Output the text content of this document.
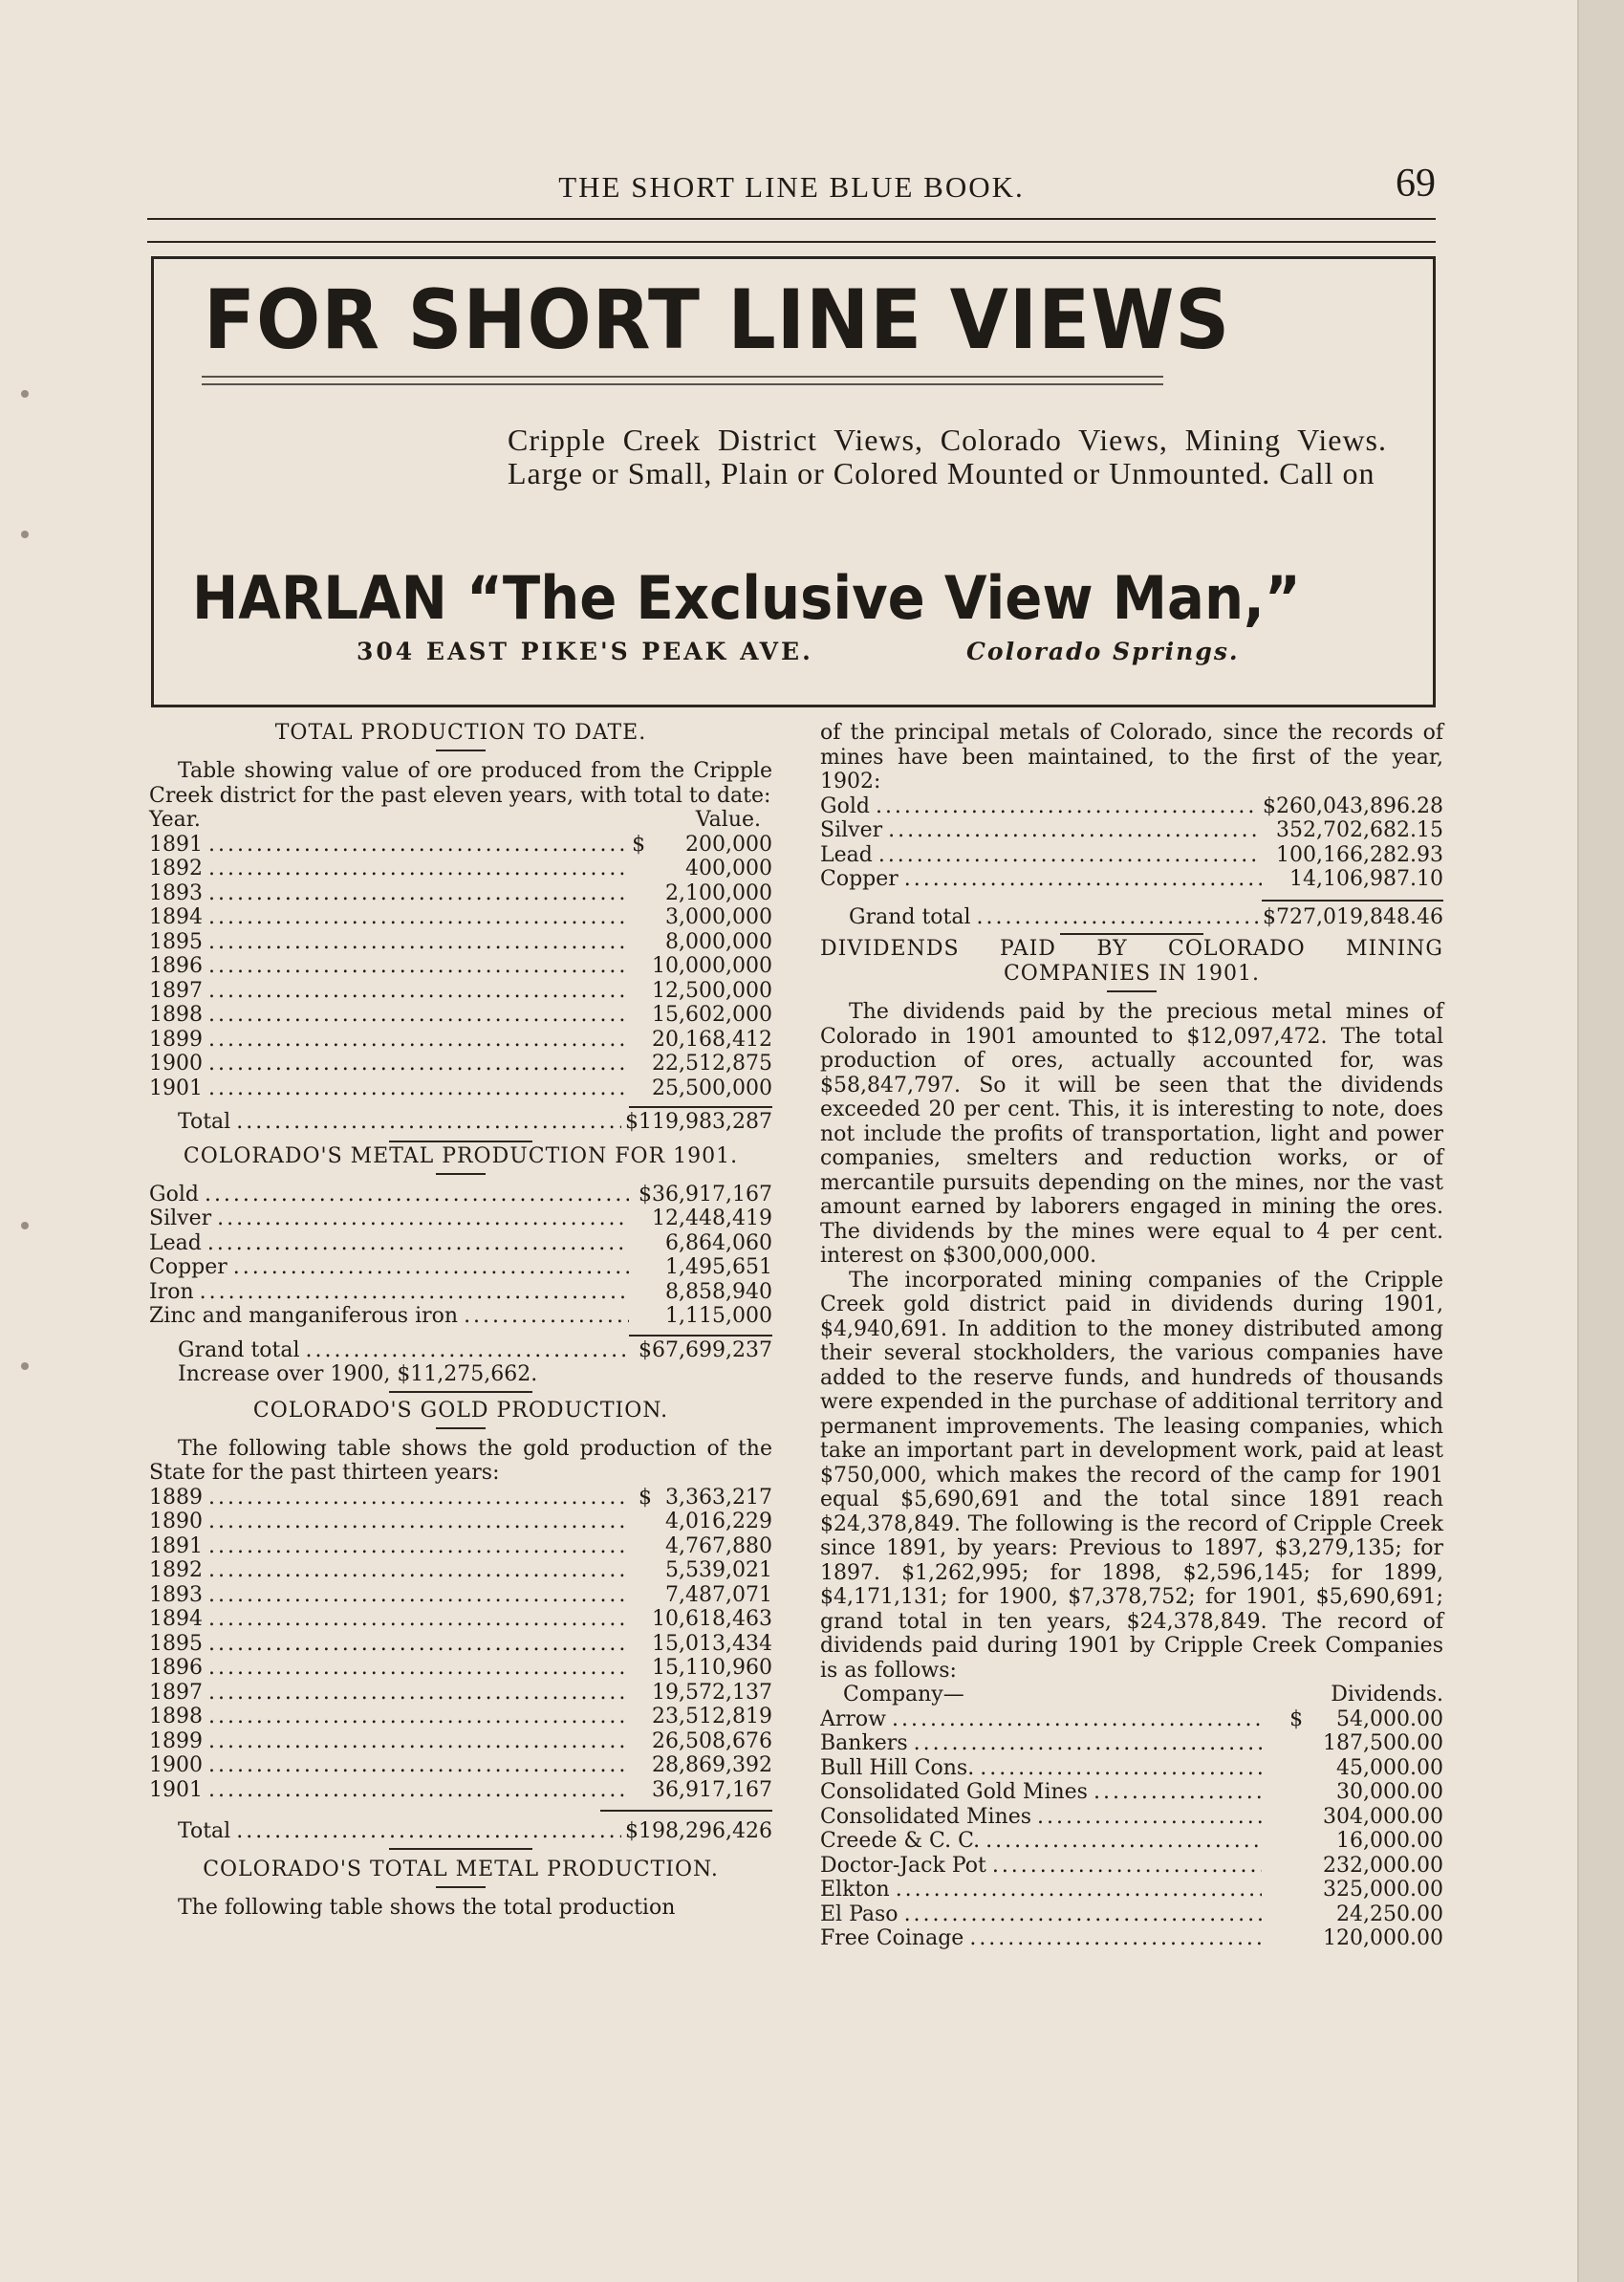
THE SHORT LINE BLUE BOOK.	69
FOR SHORT LINE VIEWS
Cripple Creek District Views, Colorado Views, Mining Views. Large or Small, Plain or Colored Mounted or Unmounted. Call on
HARLAN “The Exclusive View Man,”
304 EAST PIKE'S PEAK AVE.	Colorado Springs.
TOTAL PRODUCTION TO DATE.
Table showing value of ore produced from the Cripple Creek district for the past eleven years, with total to date:
Year.	Value.
1891 . . .	$      200,000
1892 . . .	400,000
1893 . . .	2,100,000
1894 . . .	3,000,000
1895 . . .	8,000,000
1896 . . .	10,000,000
1897 . . .	12,500,000
1898 . . .	15,602,000
1899 . . .	20,168,412
1900 . . .	22,512,875
1901 . . .	25,500,000
Total . . .	$119,983,287
COLORADO'S METAL PRODUCTION FOR 1901.
Gold . . .	$36,917,167
Silver . . .	12,448,419
Lead . . .	6,864,060
Copper . . .	1,495,651
Iron . . .	8,858,940
Zinc and manganiferous iron . . .	1,115,000
Grand total . . .	$67,699,237
Increase over 1900, $11,275,662.
COLORADO'S GOLD PRODUCTION.
The following table shows the gold production of the State for the past thirteen years:
1889 . . .	$  3,363,217
1890 . . .	4,016,229
1891 . . .	4,767,880
1892 . . .	5,539,021
1893 . . .	7,487,071
1894 . . .	10,618,463
1895 . . .	15,013,434
1896 . . .	15,110,960
1897 . . .	19,572,137
1898 . . .	23,512,819
1899 . . .	26,508,676
1900 . . .	28,869,392
1901 . . .	36,917,167
Total . . .	$198,296,426
COLORADO'S TOTAL METAL PRODUCTION.
The following table shows the total production
of the principal metals of Colorado, since the records of mines have been maintained, to the first of the year, 1902:
Gold . . .	$260,043,896.28
Silver . . .	352,702,682.15
Lead . . .	100,166,282.93
Copper . . .	14,106,987.10
Grand total . . .	$727,019,848.46
DIVIDENDS PAID BY COLORADO MINING COMPANIES IN 1901.
The dividends paid by the precious metal mines of Colorado in 1901 amounted to $12,097,472. The total production of ores, actually accounted for, was $58,847,797. So it will be seen that the dividends exceeded 20 per cent. This, it is interesting to note, does not include the profits of transportation, light and power companies, smelters and reduction works, or of mercantile pursuits depending on the mines, nor the vast amount earned by laborers engaged in mining the ores. The dividends by the mines were equal to 4 per cent. interest on $300,000,000.
The incorporated mining companies of the Cripple Creek gold district paid in dividends during 1901, $4,940,691. In addition to the money distributed among their several stockholders, the various companies have added to the reserve funds, and hundreds of thousands were expended in the purchase of additional territory and permanent improvements. The leasing companies, which take an important part in development work, paid at least $750,000, which makes the record of the camp for 1901 equal $5,690,691 and the total since 1891 reach $24,378,849. The following is the record of Cripple Creek since 1891, by years: Previous to 1897, $3,279,135; for 1897. $1,262,995; for 1898, $2,596,145; for 1899, $4,171,131; for 1900, $7,378,752; for 1901, $5,690,691; grand total in ten years, $24,378,849. The record of dividends paid during 1901 by Cripple Creek Companies is as follows:
Company—	Dividends.
Arrow . . .	$     54,000.00
Bankers . . .	187,500.00
Bull Hill Cons. . . .	45,000.00
Consolidated Gold Mines . . .	30,000.00
Consolidated Mines . . .	304,000.00
Creede & C. C. . . .	16,000.00
Doctor-Jack Pot . . .	232,000.00
Elkton . . .	325,000.00
El Paso . . .	24,250.00
Free Coinage . . .	120,000.00
